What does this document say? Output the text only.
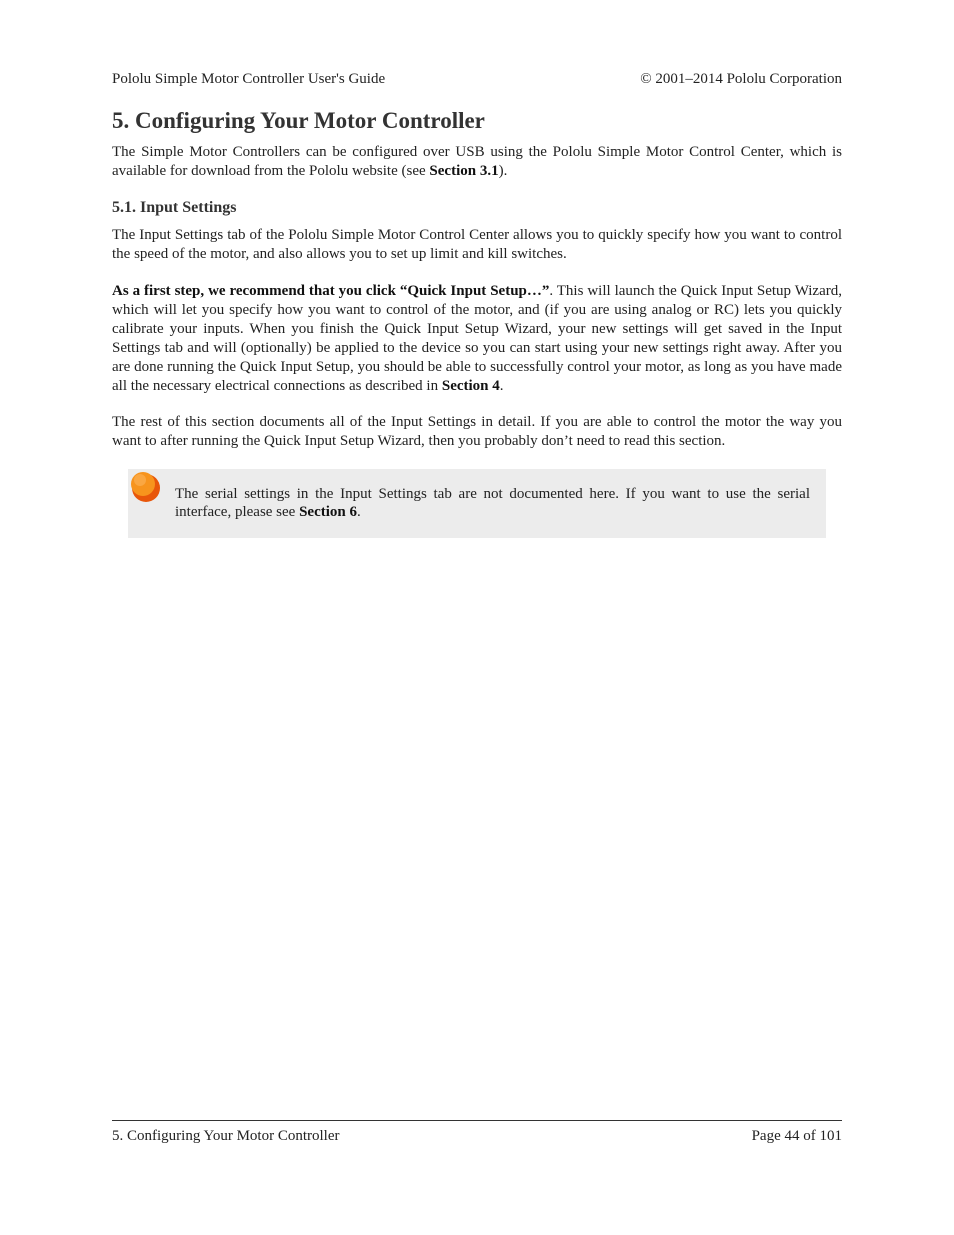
Pololu Simple Motor Controller User's Guide	© 2001–2014 Pololu Corporation
5. Configuring Your Motor Controller

The Simple Motor Controllers can be configured over USB using the Pololu Simple Motor Control Center, which is available for download from the Pololu website (see Section 3.1).

5.1. Input Settings

The Input Settings tab of the Pololu Simple Motor Control Center allows you to quickly specify how you want to control the speed of the motor, and also allows you to set up limit and kill switches.

As a first step, we recommend that you click “Quick Input Setup…”. This will launch the Quick Input Setup Wizard, which will let you specify how you want to control of the motor, and (if you are using analog or RC) lets you quickly calibrate your inputs. When you finish the Quick Input Setup Wizard, your new settings will get saved in the Input Settings tab and will (optionally) be applied to the device so you can start using your new settings right away. After you are done running the Quick Input Setup, you should be able to successfully control your motor, as long as you have made all the necessary electrical connections as described in Section 4.

The rest of this section documents all of the Input Settings in detail. If you are able to control the motor the way you want to after running the Quick Input Setup Wizard, then you probably don’t need to read this section.

The serial settings in the Input Settings tab are not documented here. If you want to use the serial interface, please see Section 6.

5. Configuring Your Motor Controller	Page 44 of 101
